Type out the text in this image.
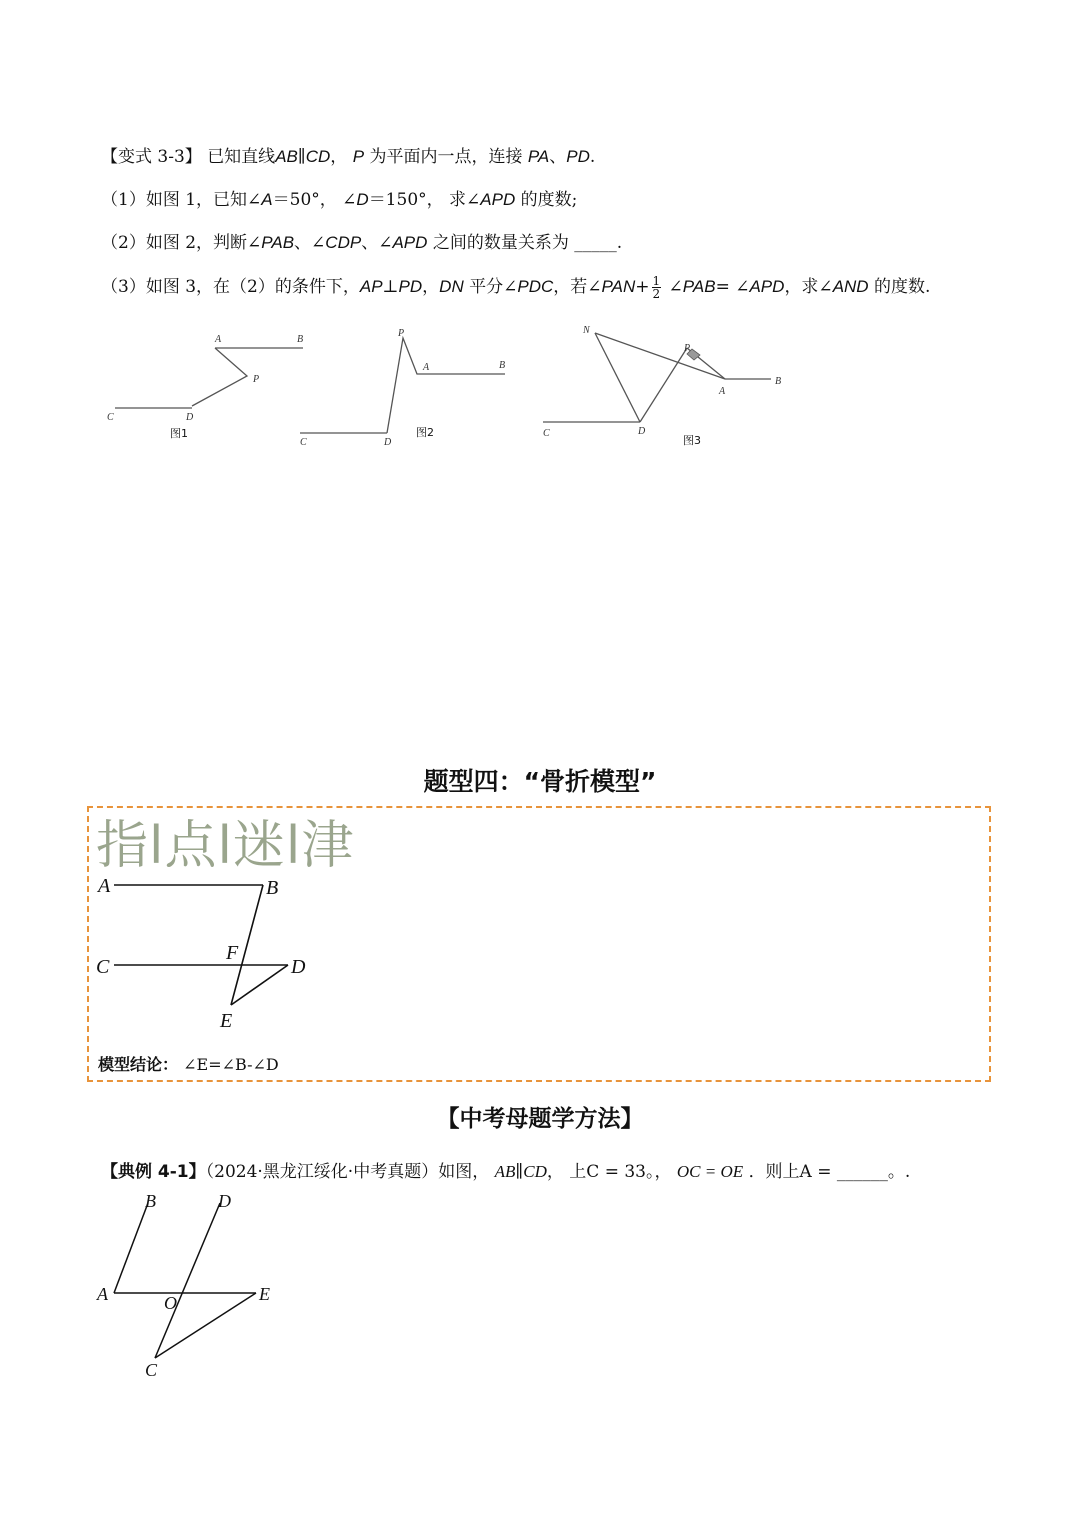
【变式 3-3】 已知直线AB∥CD， P 为平面内一点，连接 PA、PD.
（1）如图 1，已知∠A＝50°， ∠D＝150°， 求∠APD 的度数;
（2）如图 2，判断∠PAB、∠CDP、∠APD 之间的数量关系为 _____.
（3）如图 3，在（2）的条件下，AP⊥PD，DN 平分∠PDC，若∠PAN+ $\frac{1}{2}$ ∠PAB= ∠APD，求∠AND 的度数.
A	B
P
C	D
P
A	B
C	D
N
P
A
B
C	D
图1	图2
图3
题型四：“骨折模型”
指l点l迷l津
A	B
C
F
D
E
模型结论： ∠E=∠B-∠D
【中考母题学方法】
【典例 4-1】（2024·黑龙江绥化·中考真题）如图， AB∥CD， 上C = 33。， OC = OE ．则上A = ______。.
B	D
A	O	E
C
